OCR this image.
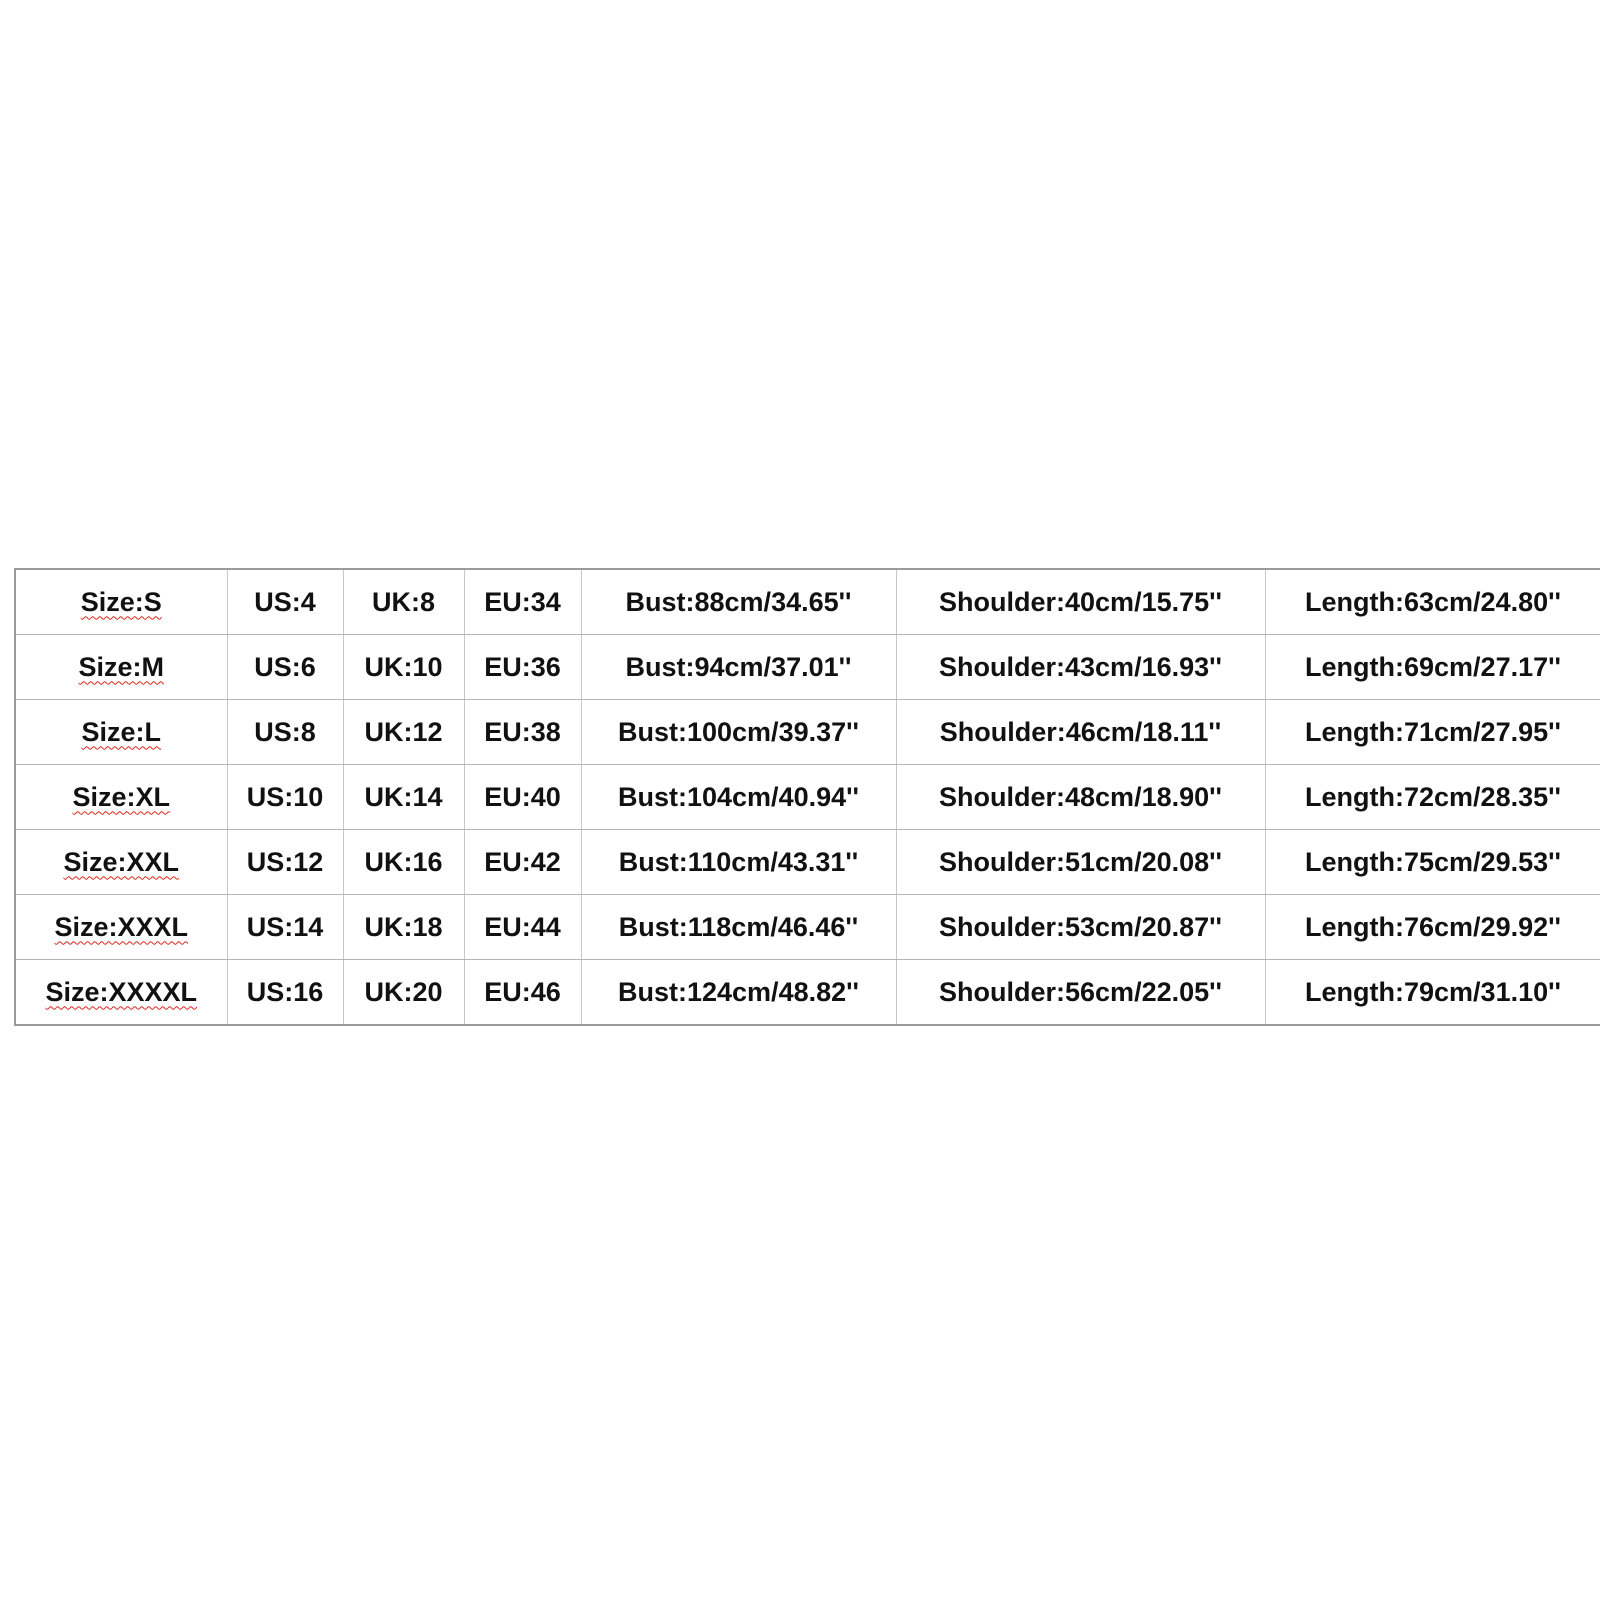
Size:S	US:4	UK:8	EU:34	Bust:88cm/34.65''	Shoulder:40cm/15.75''	Length:63cm/24.80''
Size:M	US:6	UK:10	EU:36	Bust:94cm/37.01''	Shoulder:43cm/16.93''	Length:69cm/27.17''
Size:L	US:8	UK:12	EU:38	Bust:100cm/39.37''	Shoulder:46cm/18.11''	Length:71cm/27.95''
Size:XL	US:10	UK:14	EU:40	Bust:104cm/40.94''	Shoulder:48cm/18.90''	Length:72cm/28.35''
Size:XXL	US:12	UK:16	EU:42	Bust:110cm/43.31''	Shoulder:51cm/20.08''	Length:75cm/29.53''
Size:XXXL	US:14	UK:18	EU:44	Bust:118cm/46.46''	Shoulder:53cm/20.87''	Length:76cm/29.92''
Size:XXXXL	US:16	UK:20	EU:46	Bust:124cm/48.82''	Shoulder:56cm/22.05''	Length:79cm/31.10''
